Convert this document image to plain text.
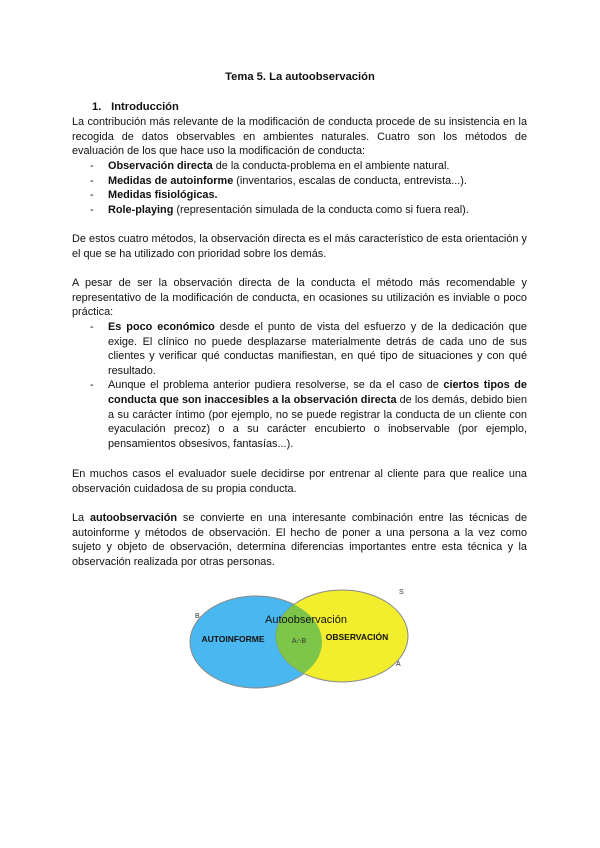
Tema 5. La autoobservación
1. Introducción

La contribución más relevante de la modificación de conducta procede de su insistencia en la recogida de datos observables en ambientes naturales. Cuatro son los métodos de evaluación de los que hace uso la modificación de conducta:

- Observación directa de la conducta-problema en el ambiente natural.
- Medidas de autoinforme (inventarios, escalas de conducta, entrevista...).
- Medidas fisiológicas.
- Role-playing (representación simulada de la conducta como si fuera real).

De estos cuatro métodos, la observación directa es el más característico de esta orientación y el que se ha utilizado con prioridad sobre los demás.

A pesar de ser la observación directa de la conducta el método más recomendable y representativo de la modificación de conducta, en ocasiones su utilización es inviable o poco práctica:

- Es poco económico desde el punto de vista del esfuerzo y de la dedicación que exige. El clínico no puede desplazarse materialmente detrás de cada uno de sus clientes y verificar qué conductas manifiestan, en qué tipo de situaciones y con qué resultado.
- Aunque el problema anterior pudiera resolverse, se da el caso de ciertos tipos de conducta que son inaccesibles a la observación directa de los demás, debido bien a su carácter íntimo (por ejemplo, no se puede registrar la conducta de un cliente con eyaculación precoz) o a su carácter encubierto o inobservable (por ejemplo, pensamientos obsesivos, fantasías...).

En muchos casos el evaluador suele decidirse por entrenar al cliente para que realice una observación cuidadosa de su propia conducta.

La autoobservación se convierte en una interesante combinación entre las técnicas de autoinforme y métodos de observación. El hecho de poner a una persona a la vez como sujeto y objeto de observación, determina diferencias importantes entre esta técnica y la observación realizada por otras personas.

Autoobservación
AUTOINFORME	OBSERVACIÓN
A∩B
B
S
A
